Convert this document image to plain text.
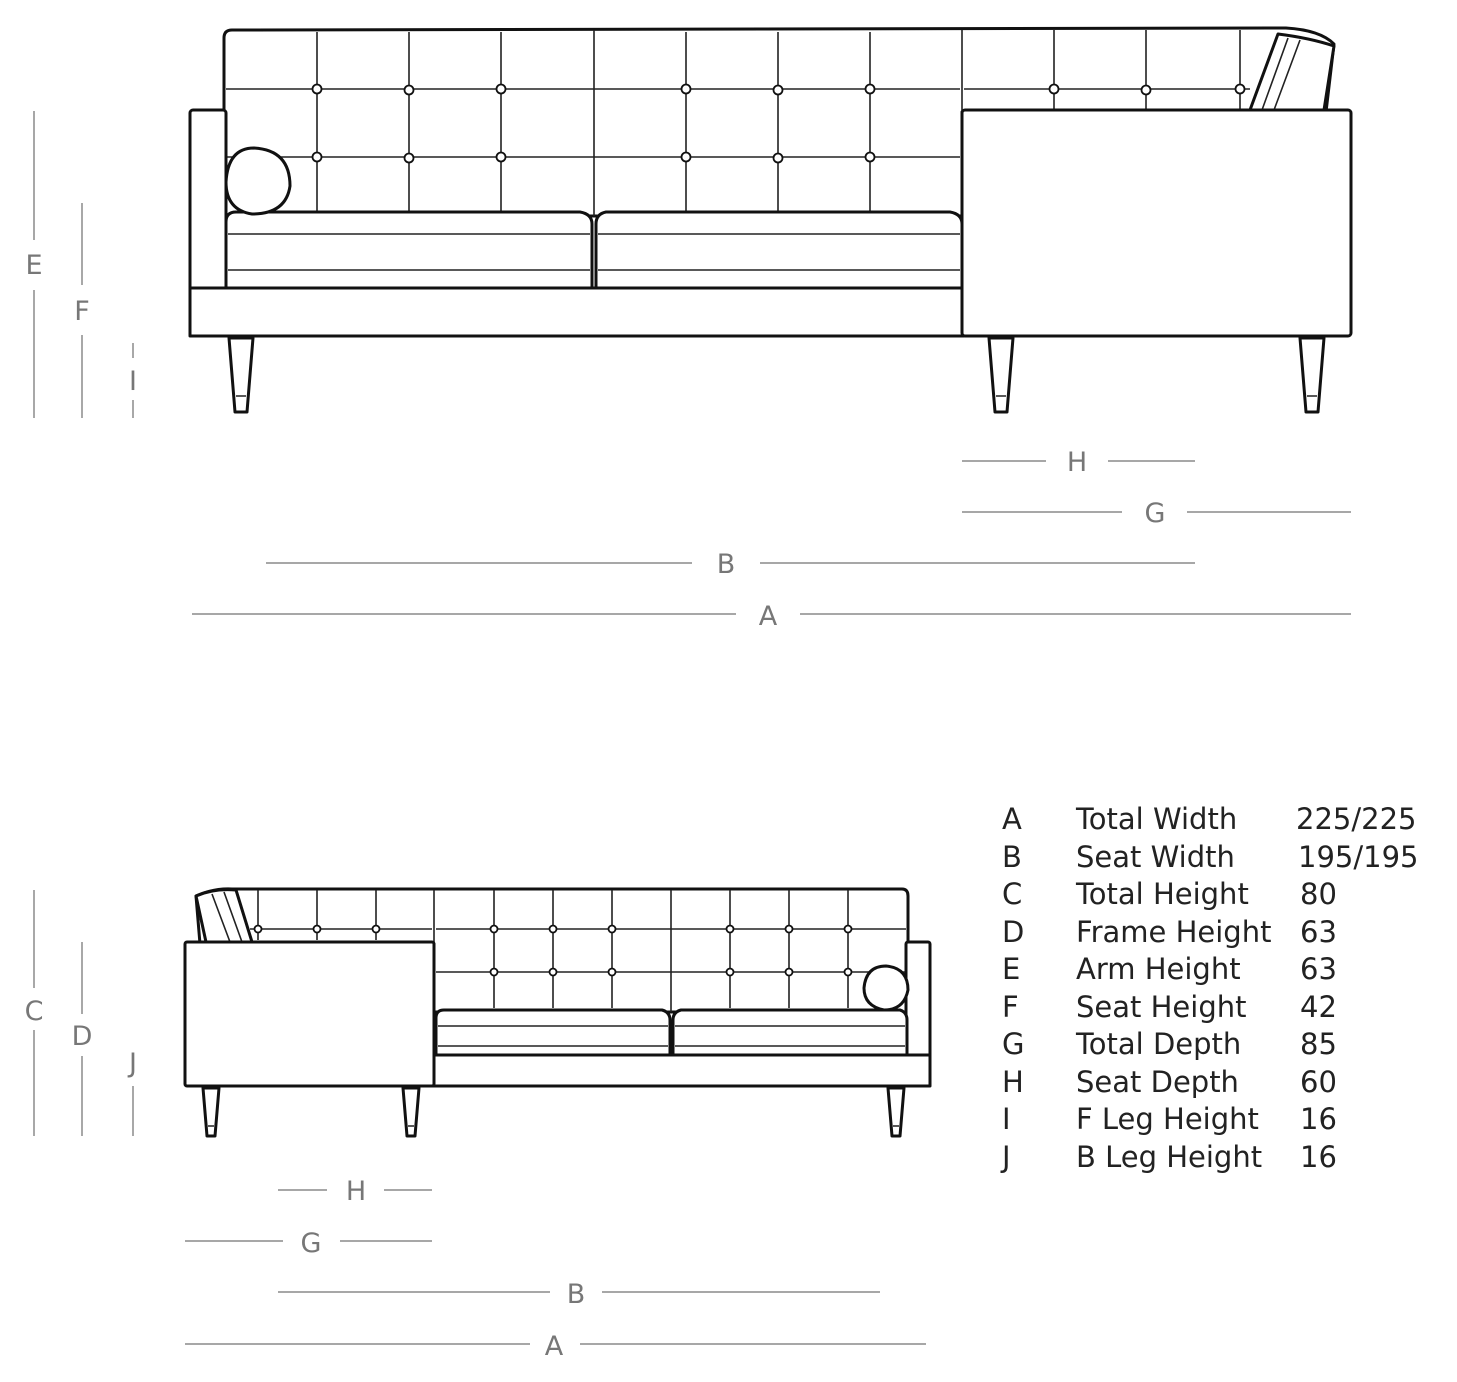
E
F
I
H
G
B
A
C
D
J
H
G
B
A
A Total Width 225/225
B Seat Width 195/195
C Total Height 80
D Frame Height 63
E Arm Height 63
F Seat Height 42
G Total Depth 85
H Seat Depth 60
I F Leg Height 16
J B Leg Height 16
